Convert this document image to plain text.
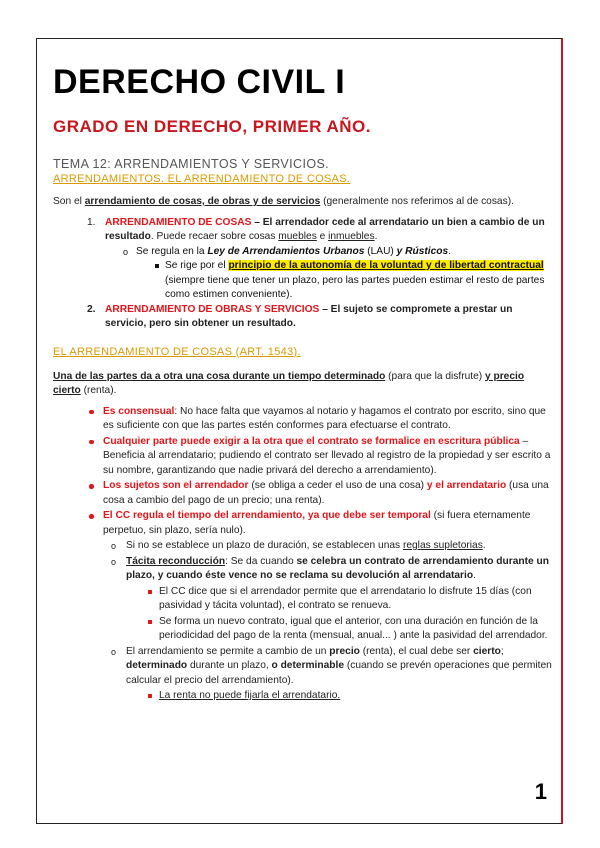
DERECHO CIVIL I
GRADO EN DERECHO, PRIMER AÑO.
TEMA 12: ARRENDAMIENTOS Y SERVICIOS.
ARRENDAMIENTOS. EL ARRENDAMIENTO DE COSAS.

Son el arrendamiento de cosas, de obras y de servicios (generalmente nos referimos al de cosas).

1. ARRENDAMIENTO DE COSAS – El arrendador cede al arrendatario un bien a cambio de un resultado. Puede recaer sobre cosas muebles e inmuebles.
o Se regula en la Ley de Arrendamientos Urbanos (LAU) y Rústicos.
Se rige por el principio de la autonomía de la voluntad y de libertad contractual (siempre tiene que tener un plazo, pero las partes pueden estimar el resto de partes como estimen conveniente).
2. ARRENDAMIENTO DE OBRAS Y SERVICIOS – El sujeto se compromete a prestar un servicio, pero sin obtener un resultado.
EL ARRENDAMIENTO DE COSAS (ART. 1543).

Una de las partes da a otra una cosa durante un tiempo determinado (para que la disfrute) y precio cierto (renta).

Es consensual: No hace falta que vayamos al notario y hagamos el contrato por escrito, sino que es suficiente con que las partes estén conformes para efectuarse el contrato.
Cualquier parte puede exigir a la otra que el contrato se formalice en escritura pública – Beneficia al arrendatario; pudiendo el contrato ser llevado al registro de la propiedad y ser escrito a su nombre, garantizando que nadie privará del derecho a arrendamiento).
Los sujetos son el arrendador (se obliga a ceder el uso de una cosa) y el arrendatario (usa una cosa a cambio del pago de un precio; una renta).
El CC regula el tiempo del arrendamiento, ya que debe ser temporal (si fuera eternamente perpetuo, sin plazo, sería nulo).
o Si no se establece un plazo de duración, se establecen unas reglas supletorias.
o Tácita reconducción: Se da cuando se celebra un contrato de arrendamiento durante un plazo, y cuando éste vence no se reclama su devolución al arrendatario.
El CC dice que si el arrendador permite que el arrendatario lo disfrute 15 días (con pasividad y tácita voluntad), el contrato se renueva.
Se forma un nuevo contrato, igual que el anterior, con una duración en función de la periodicidad del pago de la renta (mensual, anual... ) ante la pasividad del arrendador.
o El arrendamiento se permite a cambio de un precio (renta), el cual debe ser cierto; determinado durante un plazo, o determinable (cuando se prevén operaciones que permiten calcular el precio del arrendamiento).
La renta no puede fijarla el arrendatario.
1
